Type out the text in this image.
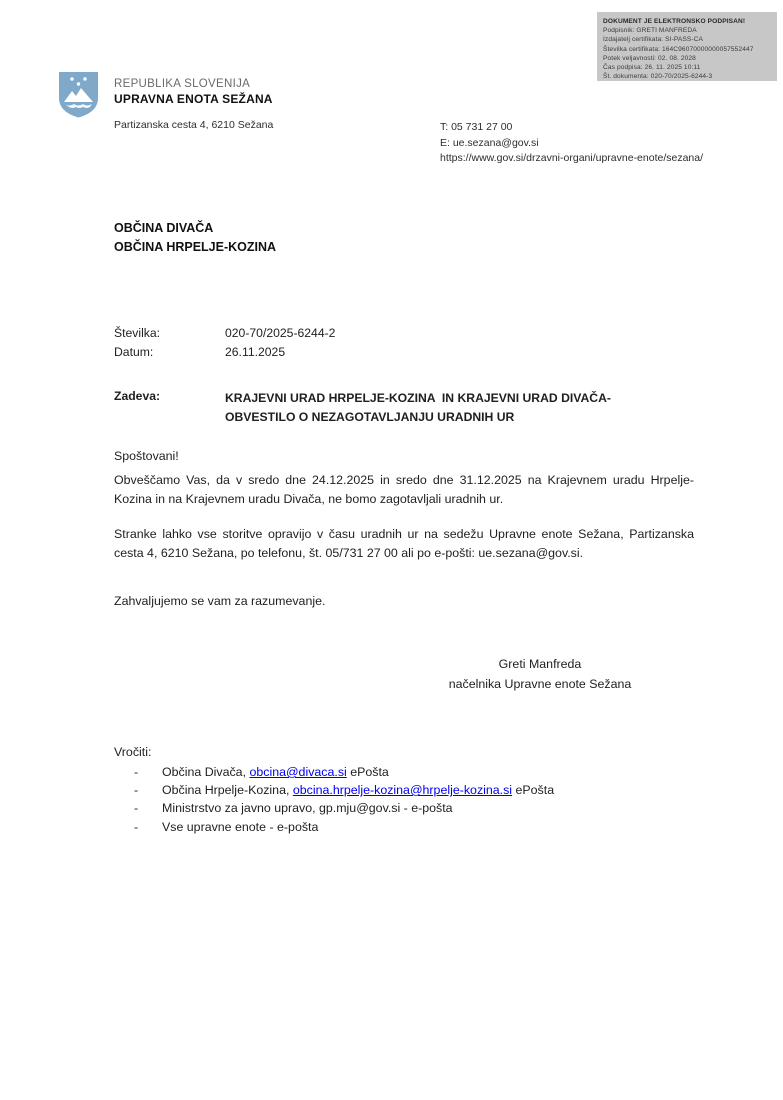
DOKUMENT JE ELEKTRONSKO PODPISAN!
Podpisnik: GRETI MANFREDA
Izdajatelj certifikata: SI-PASS-CA
Številka certifikata: 164C96070000000057552447
Potek veljavnosti: 02. 08. 2028
Čas podpisa: 26. 11. 2025 10:11
Št. dokumenta: 020-70/2025-6244-3
REPUBLIKA SLOVENIJA
UPRAVNA ENOTA SEŽANA
Partizanska cesta 4, 6210 Sežana	T: 05 731 27 00
E: ue.sezana@gov.si
https://www.gov.si/drzavni-organi/upravne-enote/sezana/
OBČINA DIVAČA
OBČINA HRPELJE-KOZINA
Številka:	020-70/2025-6244-2
Datum:	26.11.2025
Zadeva:	KRAJEVNI URAD HRPELJE-KOZINA  IN KRAJEVNI URAD DIVAČA-
OBVESTILO O NEZAGOTAVLJANJU URADNIH UR
Spoštovani!
Obveščamo Vas, da v sredo dne 24.12.2025 in sredo dne 31.12.2025 na Krajevnem uradu Hrpelje-Kozina in na Krajevnem uradu Divača, ne bomo zagotavljali uradnih ur.
Stranke lahko vse storitve opravijo v času uradnih ur na sedežu Upravne enote Sežana, Partizanska cesta 4, 6210 Sežana, po telefonu, št. 05/731 27 00 ali po e-pošti: ue.sezana@gov.si.
Zahvaljujemo se vam za razumevanje.
Greti Manfreda
načelnika Upravne enote Sežana
Vročiti:
-	Občina Divača, obcina@divaca.si ePošta
-	Občina Hrpelje-Kozina, obcina.hrpelje-kozina@hrpelje-kozina.si ePošta
-	Ministrstvo za javno upravo, gp.mju@gov.si - e-pošta
-	Vse upravne enote - e-pošta
